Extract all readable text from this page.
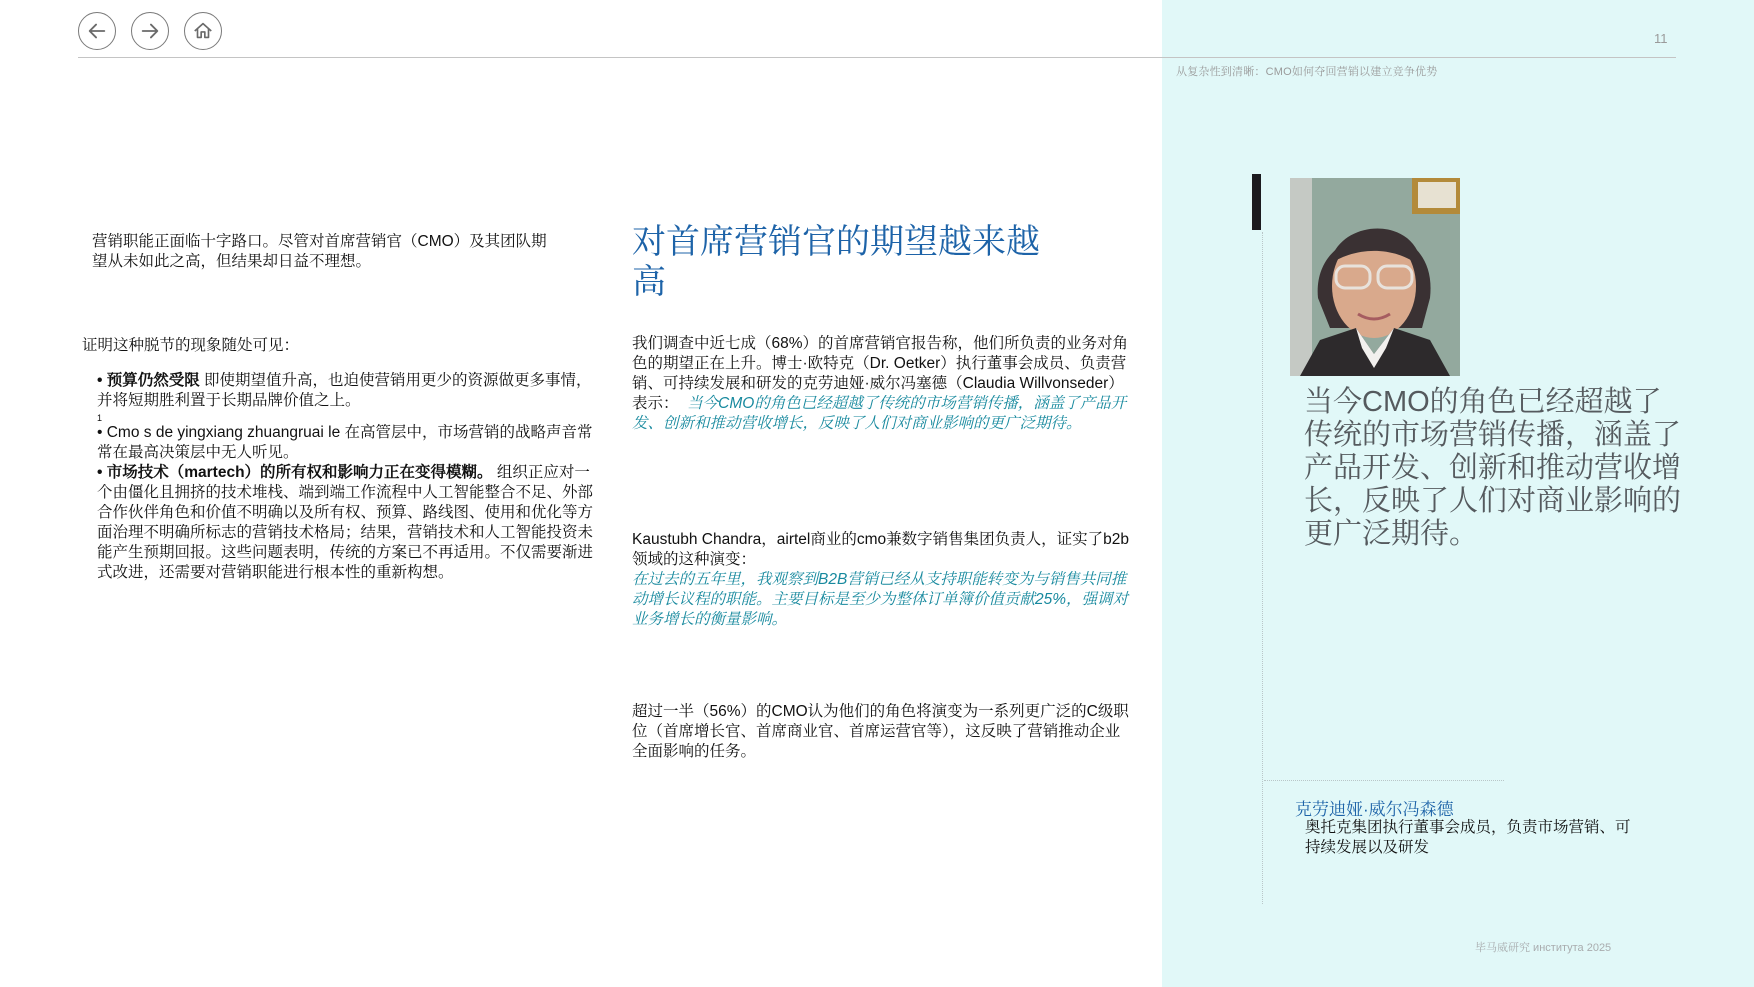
11
从复杂性到清晰：CMO如何夺回营销以建立竞争优势

营销职能正面临十字路口。尽管对首席营销官（CMO）及其团队期望从未如此之高，但结果却日益不理想。

证明这种脱节的现象随处可见：

• 预算仍然受限 即使期望值升高，也迫使营销用更少的资源做更多事情，并将短期胜利置于长期品牌价值之上。

1

• Cmo s de yingxiang zhuangruai le 在高管层中，市场营销的战略声音常常在最高决策层中无人听见。

• 市场技术（martech）的所有权和影响力正在变得模糊。 组织正应对一个由僵化且拥挤的技术堆栈、端到端工作流程中人工智能整合不足、外部合作伙伴角色和价值不明确以及所有权、预算、路线图、使用和优化等方面治理不明确所标志的营销技术格局；结果，营销技术和人工智能投资未能产生预期回报。这些问题表明，传统的方案已不再适用。不仅需要渐进式改进，还需要对营销职能进行根本性的重新构想。

对首席营销官的期望越来越高

我们调查中近七成（68%）的首席营销官报告称，他们所负责的业务对角色的期望正在上升。博士·欧特克（Dr. Oetker）执行董事会成员、负责营销、可持续发展和研发的克劳迪娅·威尔冯塞德（Claudia Willvonseder）表示： 当今CMO的角色已经超越了传统的市场营销传播，涵盖了产品开发、创新和推动营收增长，反映了人们对商业影响的更广泛期待。

Kaustubh Chandra，airtel商业的cmo兼数字销售集团负责人，证实了b2b领域的这种演变：
在过去的五年里，我观察到B2B营销已经从支持职能转变为与销售共同推动增长议程的职能。主要目标是至少为整体订单簿价值贡献25%，强调对业务增长的衡量影响。

超过一半（56%）的CMO认为他们的角色将演变为一系列更广泛的C级职位（首席增长官、首席商业官、首席运营官等），这反映了营销推动企业全面影响的任务。

当今CMO的角色已经超越了传统的市场营销传播，涵盖了产品开发、创新和推动营收增长，反映了人们对商业影响的更广泛期待。

克劳迪娅·威尔冯森德
奥托克集团执行董事会成员，负责市场营销、可持续发展以及研发
毕马威研究 института 2025
